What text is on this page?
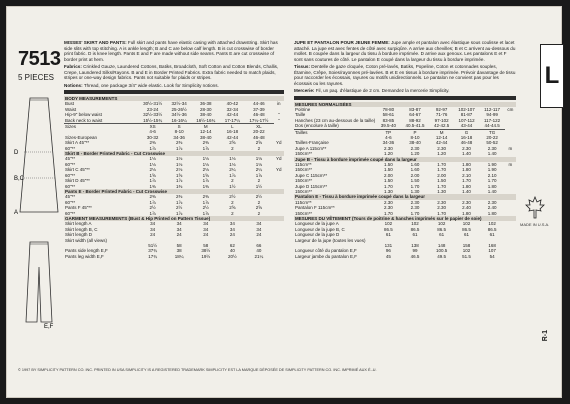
7513
5 PIECES
D
B,C
A
E,F
MISSES' SKIRT AND PANTS: Full skirt and pants have elastic casing with attached drawstring. Skirt has side slits with top stitching. A is ankle length; B and C are below calf length. B is cut crosswise of border print fabric. D is knee length. Pants E and F are made without side seams. Pants E are cut crosswise of border print at hem.
Fabrics: Crinkled Gauze, Laundered Cottons, Batiks, Broadcloth, Soft Cotton and Cotton Blends, Challis, Crepe, Laundered Silks/Rayons. B and E in Border Printed Fabrics. Extra fabric needed to match plaids, stripes or one-way design fabrics. Pants not suitable for plaids or stripes.
Notions: Thread, one package 3/4" wide elastic. Look for Simplicity notions.
BODY MEASUREMENTS						
Bust	30½-31½	32½-34	36-38	40-42	44-46	in
Waist	23-24	25-26½	28-30	32-34	37-39	
Hip-9" below waist	32½-33½	34½-36	38-40	42-44	46-48	"
Back neck to waist	15½-15¾	16-16¼	16½-16¾	17-17¼	17¼-17½	"
Sizes	XS	S	M	L	XL	
	4-6	8-10	12-14	16-18	20-22	
Sizes-European	30-32	34-36	38-40	42-44	46-48	
Skirt A 45"**	2⅜	2⅜	2⅜	2⅝	2⅝	Yd
60"**	1⅞	1⅞	1⅞	2	2	
Skirt B - Border Printed Fabric - Cut Crosswise						
45"**	1⅛	1⅛	1⅛	1⅛	1⅛	Yd
60"**	1⅛	1⅛	1⅛	1⅛	1⅛	
Skirt C 45"**	2⅛	2⅛	2⅛	2¼	2¼	Yd
60"**	1⅝	1⅝	1⅝	1⅞	1⅞	
Skirt D 45"**	1⅞	1⅞	1⅞	2	2	
60"**	1⅜	1⅜	1⅜	1½	1½	
Pants E - Border Printed Fabric - Cut Crosswise						
45"**	2⅜	2⅜	2⅜	2½	2½	
60"**	1⅞	1⅞	1⅞	2	2	
Pants F 45"**	2½	2½	2½	2⅝	2⅝	
60"**	1⅞	1⅞	1⅞	2	2	
GARMENT MEASUREMENTS (Bust & Hip Printed on Pattern Tissue)						
Skirt length A	34	34	34	34	34	
Skirt length B, C	34	34	34	34	34	
Skirt length D	24	24	24	24	24	
Skirt width (all views)						
	51½	58	58	62	66	
Pants side length E,F	37¾	38	38½	40	40	
Pants leg width E,F	17¾	18¼	19½	20½	21¼	
JUPE ET PANTALON POUR JEUNE FEMME: Jupe ample et pantalon avec élastique sous coulisse et lacet attaché. La jupe est avec fentes de côté avec surpiqûre. A arrive aux chevilles; B et C arrivent au-dessous du mollet. B coupée dans la largeur du tissu à bordure imprimée. D arrive aux genoux. Les pantalons E et F sont sans coutures de côté. Le pantalon E coupé dans la largeur du tissu à bordure imprimée.
Tissus: Dentelle de gaze cloquée, Coton pré-lavés, Batiks, Popeline, Coton et cotonnades souples, Étamine, Crêpe, Soies/rayonnes pré-lavées. B et E en tissus à bordure imprimée. Prévoir davantage de tissu pour raccorder les écossais, rayures ou motifs unidirectionnels. Le pantalon ne convient pas pour les écossais ou les rayures.
Mercerie: Fil, un paq. d'élastique de 2 cm. Demandez la mercerie Simplicity.
MESURES NORMALISÉES						
Poitrine	78-80	83-87	92-97	102-107	112-117	cm
Taille	58-61	64-67	71-76	81-87	94-99	
Hanches (23 cm au-dessous de la taille)	83-85	88-92	97-102	107-112	117-122	
Dos (encolure à taille)	39.5-40	40.5-41.5	42-42.5	43-44	44-44.5	
Tailles	TP	P	M	G	TG	
	4-6	8-10	12-14	16-18	20-22	
Tailles-Française	34-36	38-40	42-44	46-48	50-52	
Jupe A 115cm**	2.30	2.30	2.30	2.30	2.30	m
150cm**	1.20	1.20	1.20	1.40	1.40	
Jupe B - Tissu à bordure imprimée coupé dans la largeur						
115cm**	1.50	1.60	1.70	1.80	1.90	m
150cm**	1.50	1.60	1.70	1.80	1.90	
Jupe C 115cm**	2.00	2.00	2.00	2.10	2.10	
150cm**	1.50	1.50	1.50	1.70	1.70	
Jupe D 115cm**	1.70	1.70	1.70	1.80	1.80	
150cm**	1.30	1.30	1.30	1.40	1.40	
Pantalon E - Tissu à bordure imprimée coupé dans la largeur						
115cm**	2.30	2.30	2.30	2.30	2.30	
Pantalon F 115cm**	2.30	2.30	2.30	2.40	2.40	
150cm**	1.70	1.70	1.70	1.80	1.80	
MESURES DU VÊTEMENT (Tours de poitrine & hanches imprimés sur le papier de soie)						
Longueur de la jupe A	102	102	102	102	102	
Longueur de la jupe B, C	86.5	86.5	86.5	86.5	86.5	
Longueur de la jupe D	61	61	61	61	61	
Largeur de la jupe (toutes les vues)						
	131	138	148	158	168	
Longueur côté du pantalon E,F	96	99	100.5	102	107	
Largeur jambe du pantalon E,F	45	46.5	49.5	51.5	54	
L
MADE IN U.S.A.
R-1
© 1997 BY SIMPLICITY PATTERN CO. INC. PRINTED IN USA SIMPLICITY IS A REGISTERED TRADEMARK SIMPLICITY EST LA MARQUE DÉPOSÉE DE SIMPLICITY PATTERN CO. INC. IMPRIMÉ AUX É.-U.
